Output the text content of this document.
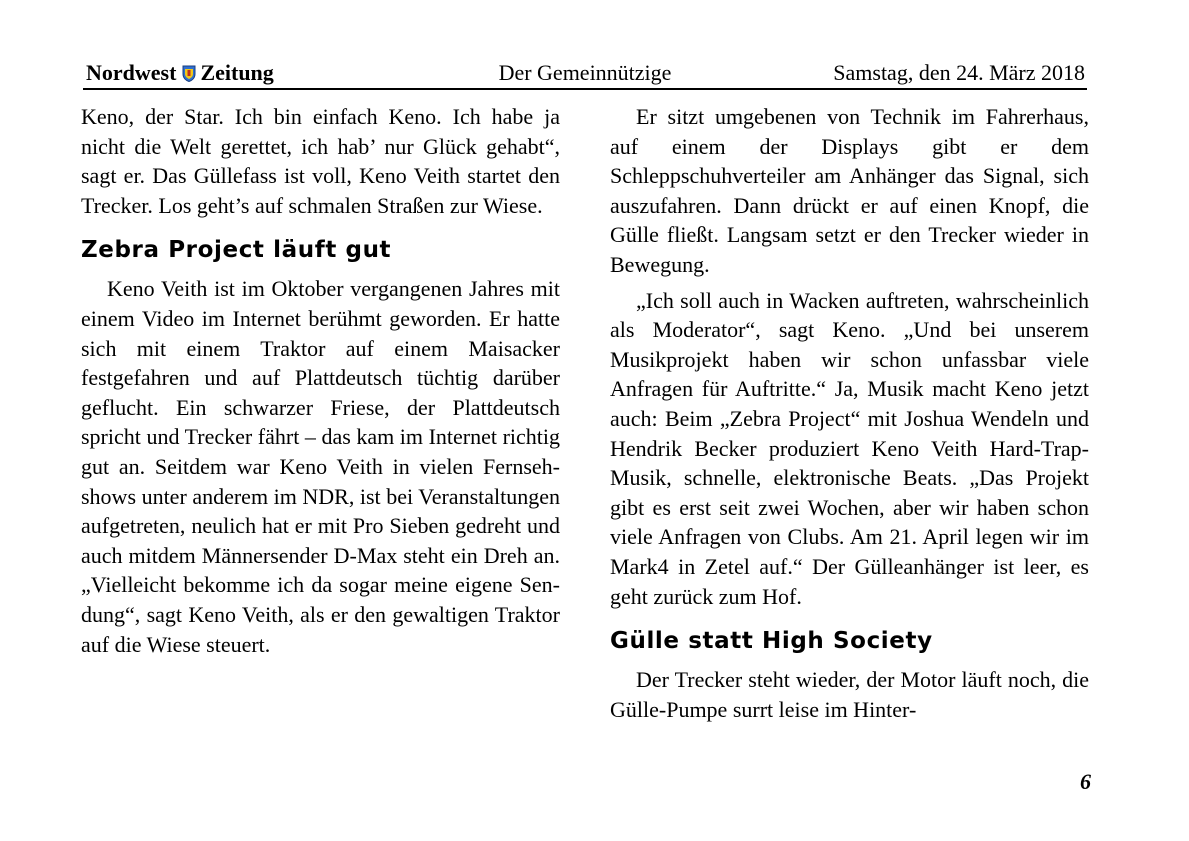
Nordwest Zeitung	Der Gemeinnützige	Samstag, den 24. März 2018

Keno, der Star. Ich bin einfach Keno. Ich habe ja nicht die Welt gerettet, ich hab’ nur Glück gehabt“, sagt er. Das Güllefass ist voll, Keno Veith startet den Trecker. Los geht’s auf schmalen Straßen zur Wiese.

Zebra Project läuft gut

Keno Veith ist im Oktober vergangenen Jahres mit einem Video im Internet berühmt geworden. Er hatte sich mit einem Traktor auf einem Maisacker festgefahren und auf Plattdeutsch tüchtig darüber geflucht. Ein schwarzer Friese, der Plattdeutsch spricht und Trecker fährt – das kam im Internet richtig gut an. Seitdem war Keno Veith in vielen Fernsehshows unter anderem im NDR, ist bei Veranstaltungen aufgetreten, neulich hat er mit Pro Sieben gedreht und auch mitdem Männersender D-Max steht ein Dreh an. „Vielleicht bekomme ich da sogar meine eigene Sendung“, sagt Keno Veith, als er den gewaltigen Traktor auf die Wiese steuert.

Er sitzt umgebenen von Technik im Fahrerhaus, auf einem der Displays gibt er dem Schleppschuhverteiler am Anhänger das Signal, sich auszufahren. Dann drückt er auf einen Knopf, die Gülle fließt. Langsam setzt er den Trecker wieder in Bewegung.

„Ich soll auch in Wacken auftreten, wahrscheinlich als Moderator“, sagt Keno. „Und bei unserem Musikprojekt haben wir schon unfassbar viele Anfragen für Auftritte.“ Ja, Musik macht Keno jetzt auch: Beim „Zebra Project“ mit Joshua Wendeln und Hendrik Becker produziert Keno Veith Hard-Trap-Musik, schnelle, elektronische Beats. „Das Projekt gibt es erst seit zwei Wochen, aber wir haben schon viele Anfragen von Clubs. Am 21. April legen wir im Mark4 in Zetel auf.“ Der Gülleanhänger ist leer, es geht zurück zum Hof.

Gülle statt High Society

Der Trecker steht wieder, der Motor läuft noch, die Gülle-Pumpe surrt leise im Hinter-

6
